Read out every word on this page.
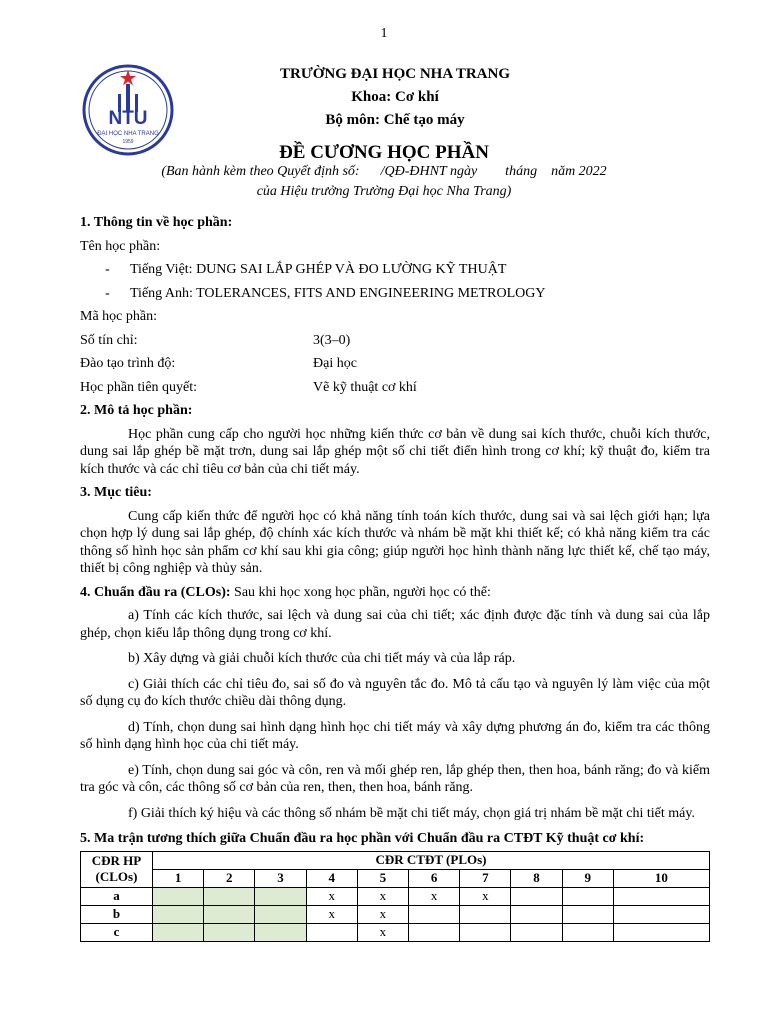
1
NTU
ĐẠI HỌC NHA TRANG
1959
TRƯỜNG ĐẠI HỌC NHA TRANG
Khoa: Cơ khí
Bộ môn: Chế tạo máy
ĐỀ CƯƠNG HỌC PHẦN
(Ban hành kèm theo Quyết định số:      /QĐ-ĐHNT ngày        tháng    năm 2022
của Hiệu trưởng Trường Đại học Nha Trang)
1. Thông tin về học phần:
Tên học phần:
- Tiếng Việt: DUNG SAI LẮP GHÉP VÀ ĐO LƯỜNG KỸ THUẬT
- Tiếng Anh: TOLERANCES, FITS AND ENGINEERING METROLOGY
Mã học phần:
Số tín chỉ:	3(3–0)
Đào tạo trình độ:	Đại học
Học phần tiên quyết:	Vẽ kỹ thuật cơ khí
2. Mô tả học phần:
Học phần cung cấp cho người học những kiến thức cơ bản về dung sai kích thước, chuỗi kích thước, dung sai lắp ghép bề mặt trơn, dung sai lắp ghép một số chi tiết điển hình trong cơ khí; kỹ thuật đo, kiểm tra kích thước và các chỉ tiêu cơ bản của chi tiết máy.
3. Mục tiêu:
Cung cấp kiến thức để người học có khả năng tính toán kích thước, dung sai và sai lệch giới hạn; lựa chọn hợp lý dung sai lắp ghép, độ chính xác kích thước và nhám bề mặt khi thiết kế; có khả năng kiểm tra các thông số hình học sản phẩm cơ khí sau khi gia công; giúp người học hình thành năng lực thiết kế, chế tạo máy, thiết bị công nghiệp và thủy sản.
4. Chuẩn đầu ra (CLOs): Sau khi học xong học phần, người học có thể:
a) Tính các kích thước, sai lệch và dung sai của chi tiết; xác định được đặc tính và dung sai của lắp ghép, chọn kiểu lắp thông dụng trong cơ khí.
b) Xây dựng và giải chuỗi kích thước của chi tiết máy và của lắp ráp.
c) Giải thích các chỉ tiêu đo, sai số đo và nguyên tắc đo. Mô tả cấu tạo và nguyên lý làm việc của một số dụng cụ đo kích thước chiều dài thông dụng.
d) Tính, chọn dung sai hình dạng hình học chi tiết máy và xây dựng phương án đo, kiểm tra các thông số hình dạng hình học của chi tiết máy.
e) Tính, chọn dung sai góc và côn, ren và mối ghép ren, lắp ghép then, then hoa, bánh răng; đo và kiểm tra góc và côn, các thông số cơ bản của ren, then, then hoa, bánh răng.
f) Giải thích ký hiệu và các thông số nhám bề mặt chi tiết máy, chọn giá trị nhám bề mặt chi tiết máy.
5. Ma trận tương thích giữa Chuẩn đầu ra học phần với Chuẩn đầu ra CTĐT Kỹ thuật cơ khí:
CĐR HP
(CLOs)	CĐR CTĐT (PLOs)									
	1	2	3	4	5	6	7	8	9	10
a				x	x	x	x			
b				x	x					
c					x					
